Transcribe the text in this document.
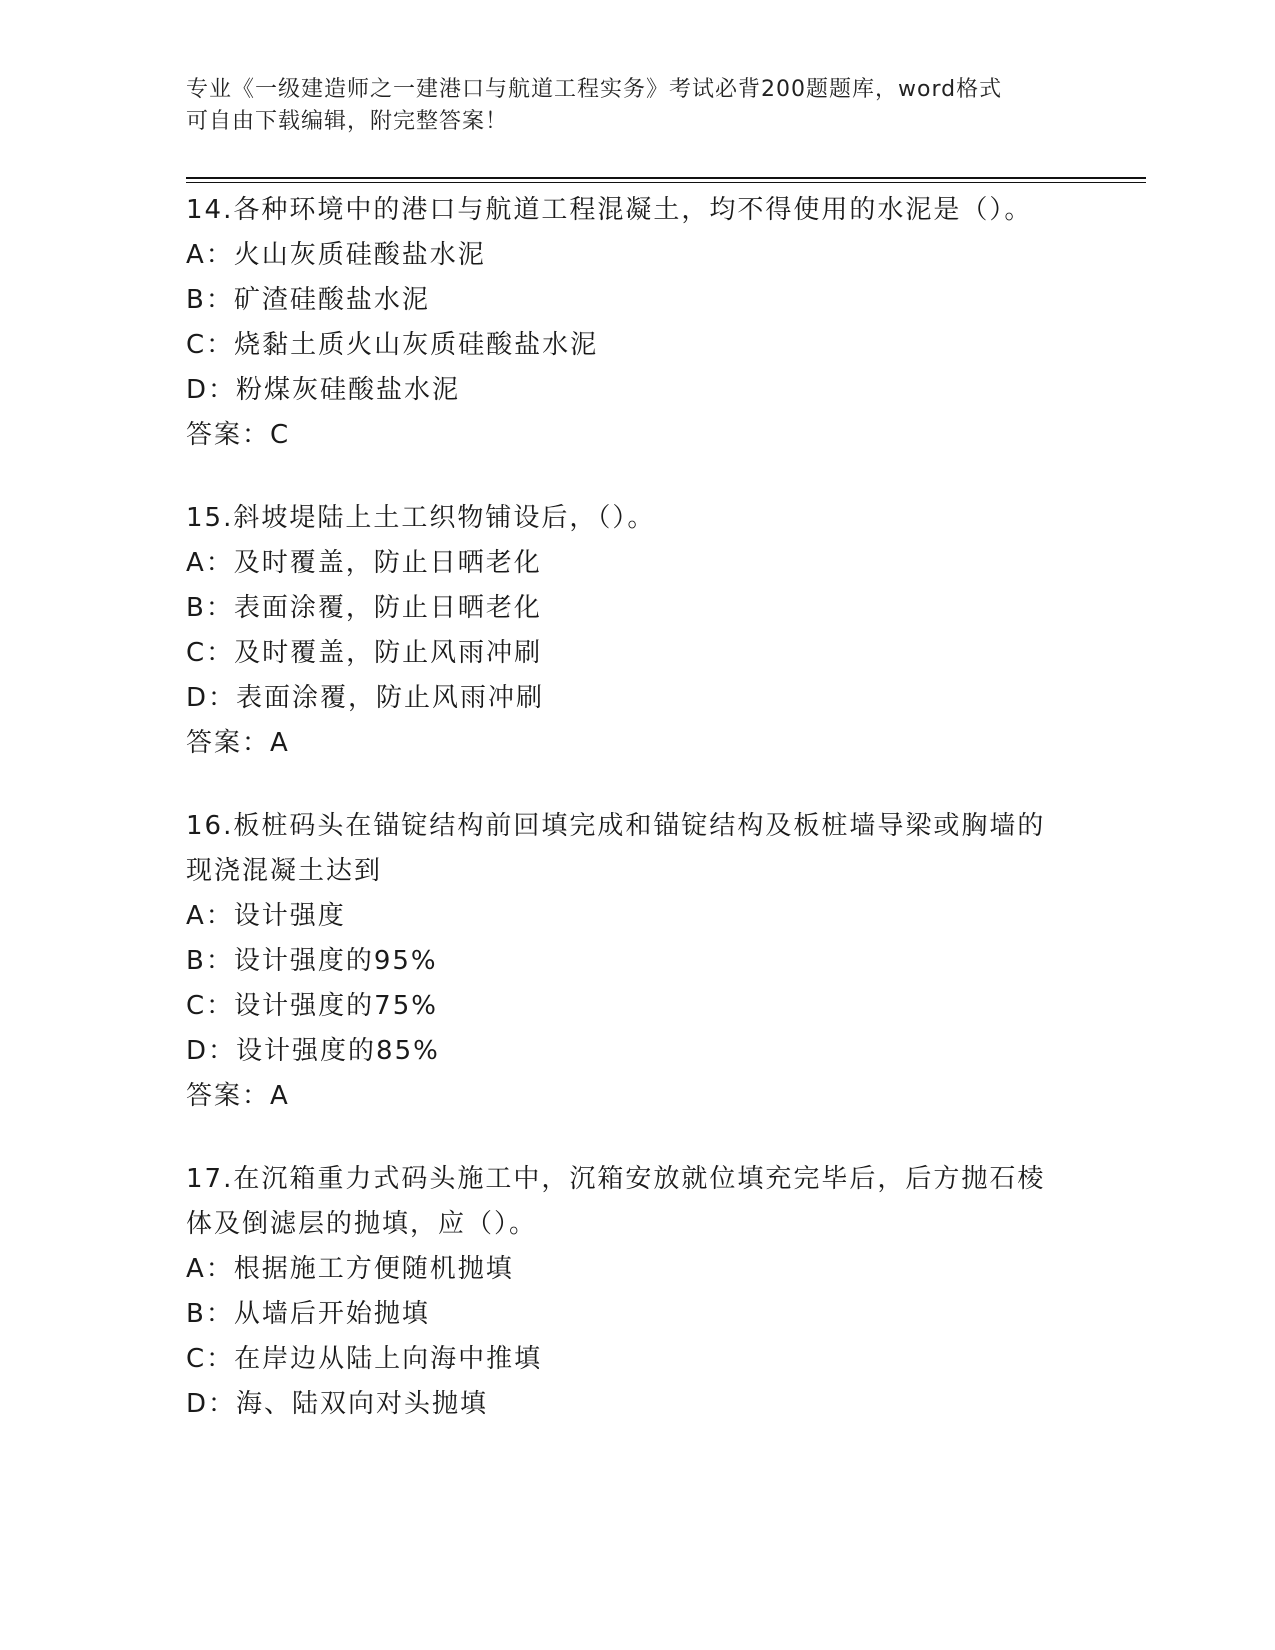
专业《一级建造师之一建港口与航道工程实务》考试必背200题题库，word格式
可自由下载编辑，附完整答案！

14.各种环境中的港口与航道工程混凝土，均不得使用的水泥是（）。

A：火山灰质硅酸盐水泥

B：矿渣硅酸盐水泥

C：烧黏土质火山灰质硅酸盐水泥

D：粉煤灰硅酸盐水泥

答案：C

15.斜坡堤陆上土工织物铺设后，（）。

A：及时覆盖，防止日晒老化

B：表面涂覆，防止日晒老化

C：及时覆盖，防止风雨冲刷

D：表面涂覆，防止风雨冲刷

答案：A

16.板桩码头在锚锭结构前回填完成和锚锭结构及板桩墙导梁或胸墙的

现浇混凝土达到

A：设计强度

B：设计强度的95%

C：设计强度的75%

D：设计强度的85%

答案：A

17.在沉箱重力式码头施工中，沉箱安放就位填充完毕后，后方抛石棱

体及倒滤层的抛填，应（）。

A：根据施工方便随机抛填

B：从墙后开始抛填

C：在岸边从陆上向海中推填

D：海、陆双向对头抛填
